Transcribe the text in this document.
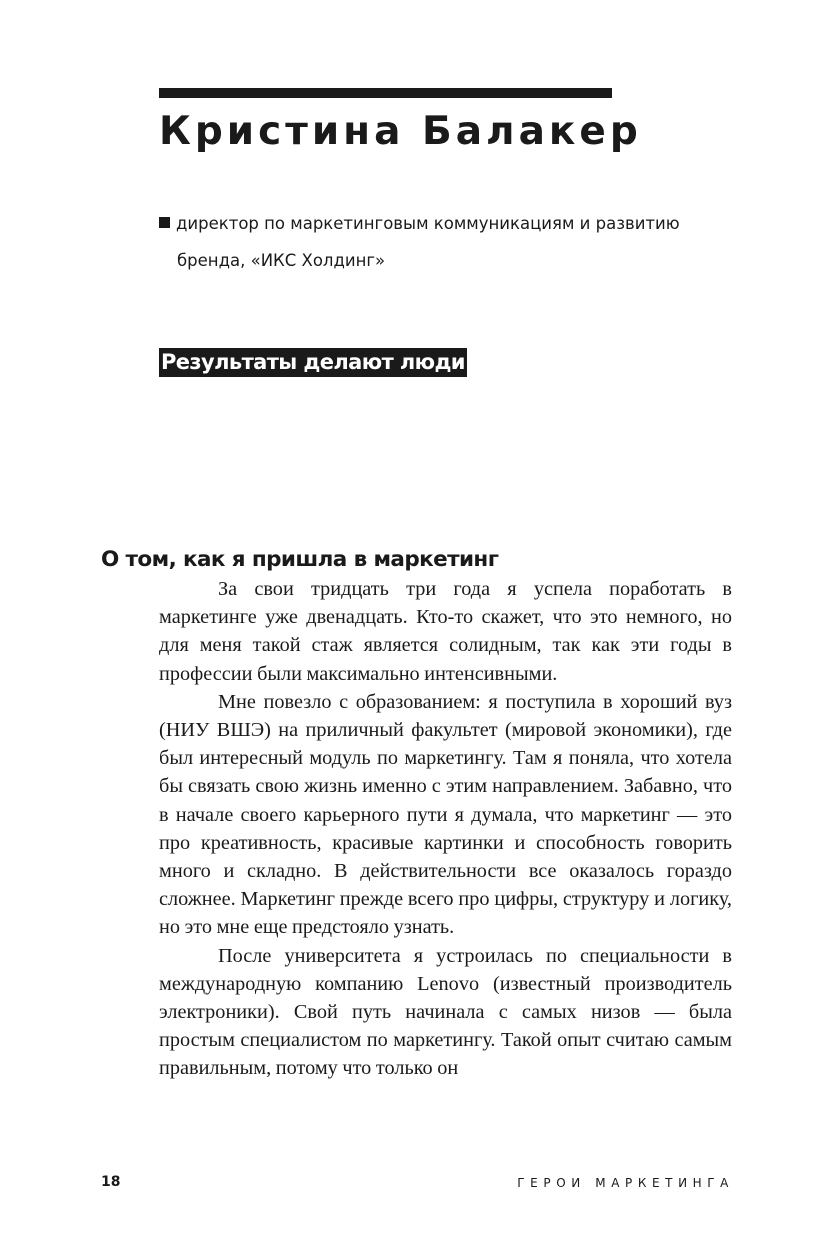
Кристина Балакер
директор по маркетинговым коммуникациям и развитию
бренда, «ИКС Холдинг»
Результаты делают люди
О том, как я пришла в маркетинг

За свои тридцать три года я успела поработать в маркетинге уже двенадцать. Кто-то скажет, что это немного, но для меня такой стаж является солидным, так как эти годы в профессии были максимально интенсивными.

Мне повезло с образованием: я поступила в хороший вуз (НИУ ВШЭ) на приличный факультет (мировой экономики), где был интересный модуль по маркетингу. Там я поняла, что хотела бы связать свою жизнь именно с этим направлением. Забавно, что в начале своего карьерного пути я думала, что маркетинг — это про креативность, красивые картинки и способность говорить много и складно. В действительности все оказалось гораздо сложнее. Маркетинг прежде всего про цифры, структуру и логику, но это мне еще предстояло узнать.

После университета я устроилась по специальности в международную компанию Lenovo (известный производитель электроники). Свой путь начинала с самых низов — была простым специалистом по маркетингу. Такой опыт считаю самым правильным, потому что только он

18	ГЕРОИ МАРКЕТИНГА
